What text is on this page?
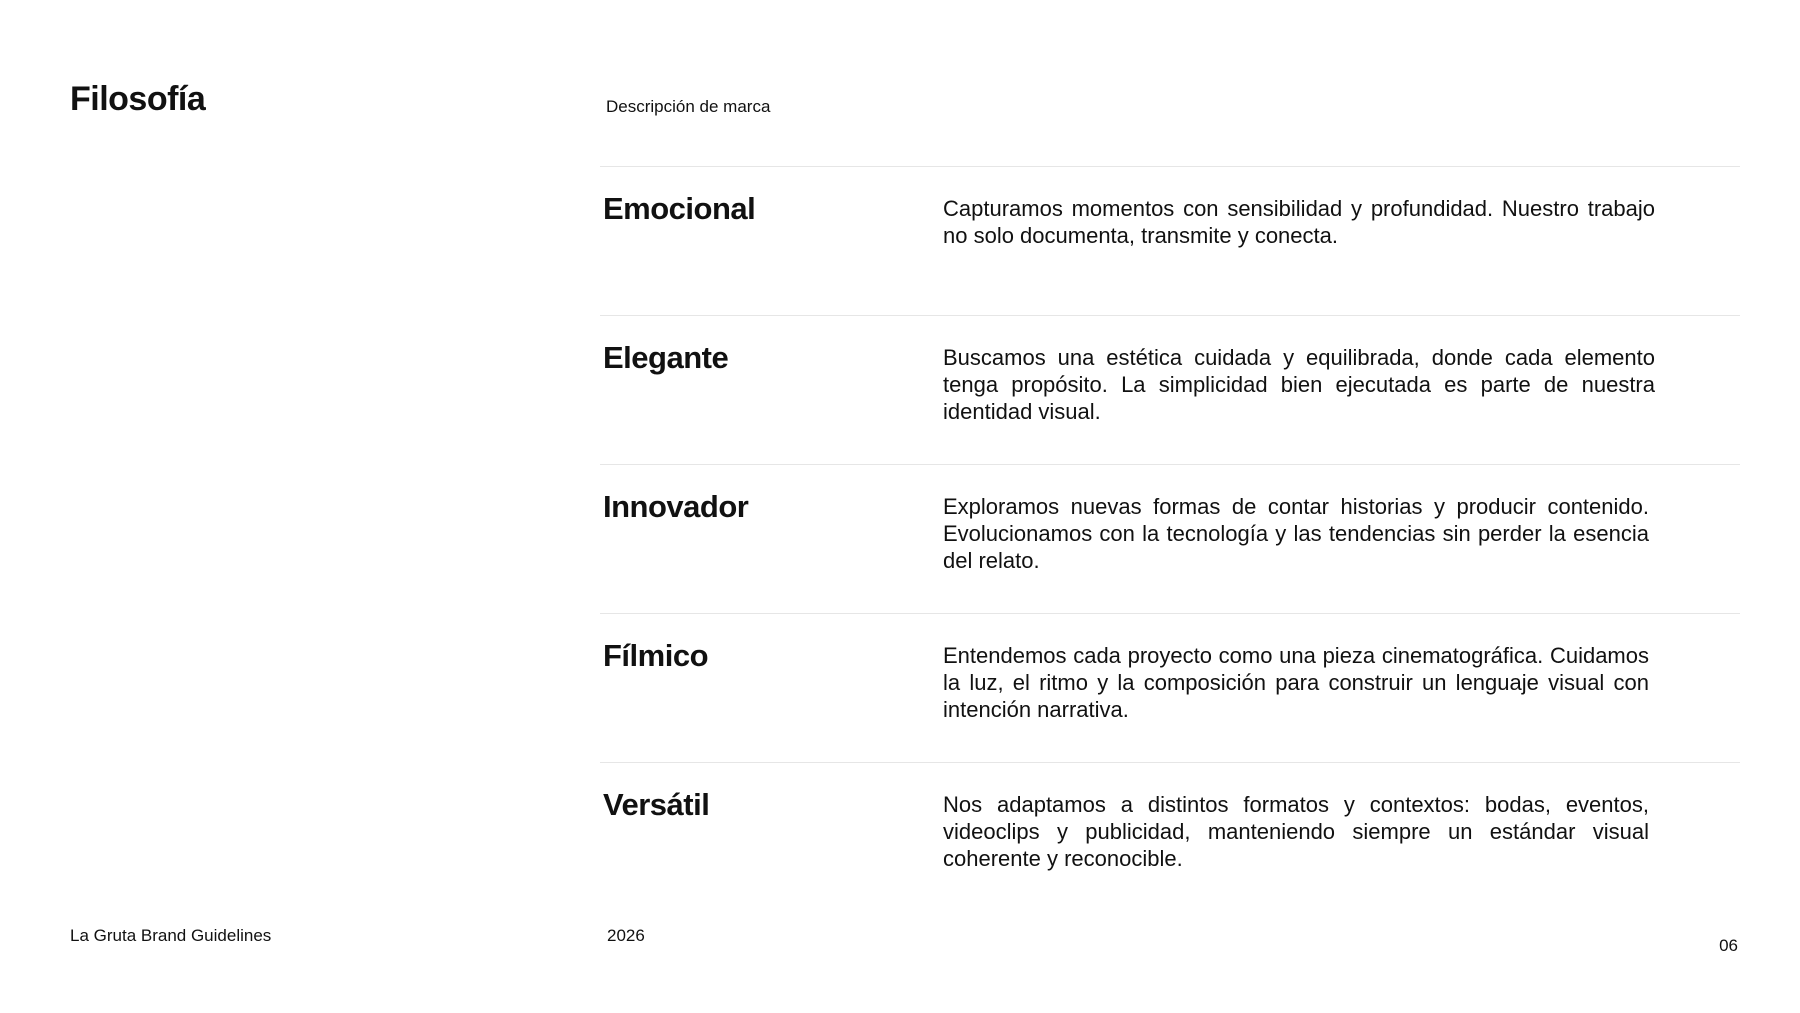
Filosofía	Descripción de marca
Emocional	Capturamos momentos con sensibilidad y profundidad. Nuestro trabajo no solo documenta, transmite y conecta.

Elegante	Buscamos una estética cuidada y equilibrada, donde cada elemento tenga propósito. La simplicidad bien ejecutada es parte de nuestra identidad visual.

Innovador	Exploramos nuevas formas de contar historias y producir contenido. Evolucionamos con la tecnología y las tendencias sin perder la esencia del relato.

Fílmico	Entendemos cada proyecto como una pieza cinematográfica. Cuidamos la luz, el ritmo y la composición para construir un lenguaje visual con intención narrativa.

Versátil	Nos adaptamos a distintos formatos y contextos: bodas, eventos, videoclips y publicidad, manteniendo siempre un estándar visual coherente y reconocible.

La Gruta Brand Guidelines	2026
06
